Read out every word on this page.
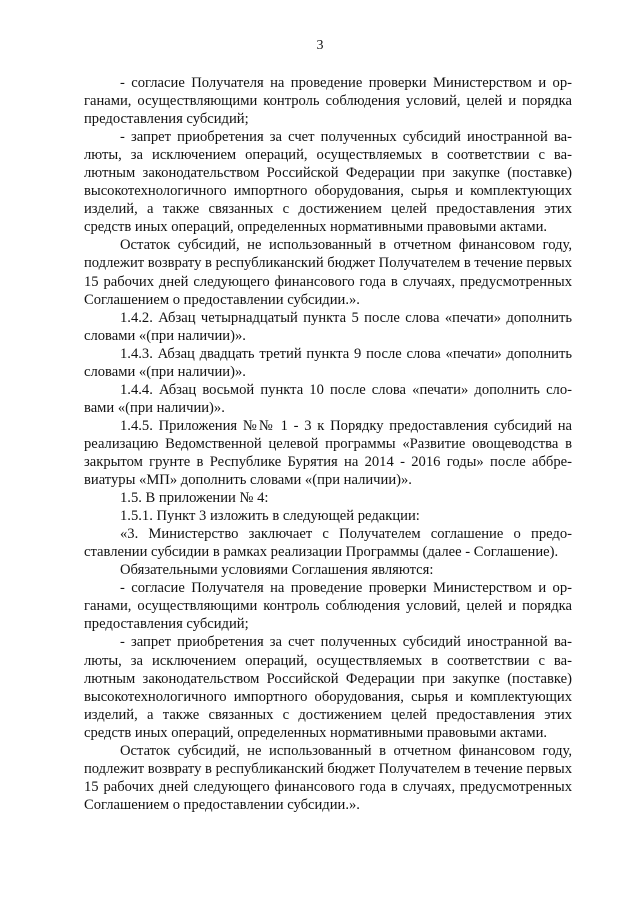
3

- согласие Получателя на проведение проверки Министерством и органами, осуществляющими контроль соблюдения условий, целей и порядка предоставления субсидий;

- запрет приобретения за счет полученных субсидий иностранной валюты, за исключением операций, осуществляемых в соответствии с валютным законодательством Российской Федерации при закупке (поставке) высокотехнологичного импортного оборудования, сырья и комплектующих изделий, а также связанных с достижением целей предоставления этих средств иных операций, определенных нормативными правовыми актами.

Остаток субсидий, не использованный в отчетном финансовом году, подлежит возврату в республиканский бюджет Получателем в течение первых 15 рабочих дней следующего финансового года в случаях, предусмотренных Соглашением о предоставлении субсидии.».

1.4.2. Абзац четырнадцатый пункта 5 после слова «печати» дополнить словами «(при наличии)».

1.4.3. Абзац двадцать третий пункта 9 после слова «печати» дополнить словами «(при наличии)».

1.4.4. Абзац восьмой пункта 10 после слова «печати» дополнить словами «(при наличии)».

1.4.5. Приложения №№ 1 - 3 к Порядку предоставления субсидий на реализацию Ведомственной целевой программы «Развитие овощеводства в закрытом грунте в Республике Бурятия на 2014 - 2016 годы» после аббревиатуры «МП» дополнить словами «(при наличии)».

1.5. В приложении № 4:

1.5.1. Пункт 3 изложить в следующей редакции:

«3. Министерство заключает с Получателем соглашение о предоставлении субсидии в рамках реализации Программы (далее - Соглашение).

Обязательными условиями Соглашения являются:

- согласие Получателя на проведение проверки Министерством и органами, осуществляющими контроль соблюдения условий, целей и порядка предоставления субсидий;

- запрет приобретения за счет полученных субсидий иностранной валюты, за исключением операций, осуществляемых в соответствии с валютным законодательством Российской Федерации при закупке (поставке) высокотехнологичного импортного оборудования, сырья и комплектующих изделий, а также связанных с достижением целей предоставления этих средств иных операций, определенных нормативными правовыми актами.

Остаток субсидий, не использованный в отчетном финансовом году, подлежит возврату в республиканский бюджет Получателем в течение первых 15 рабочих дней следующего финансового года в случаях, предусмотренных Соглашением о предоставлении субсидии.».
